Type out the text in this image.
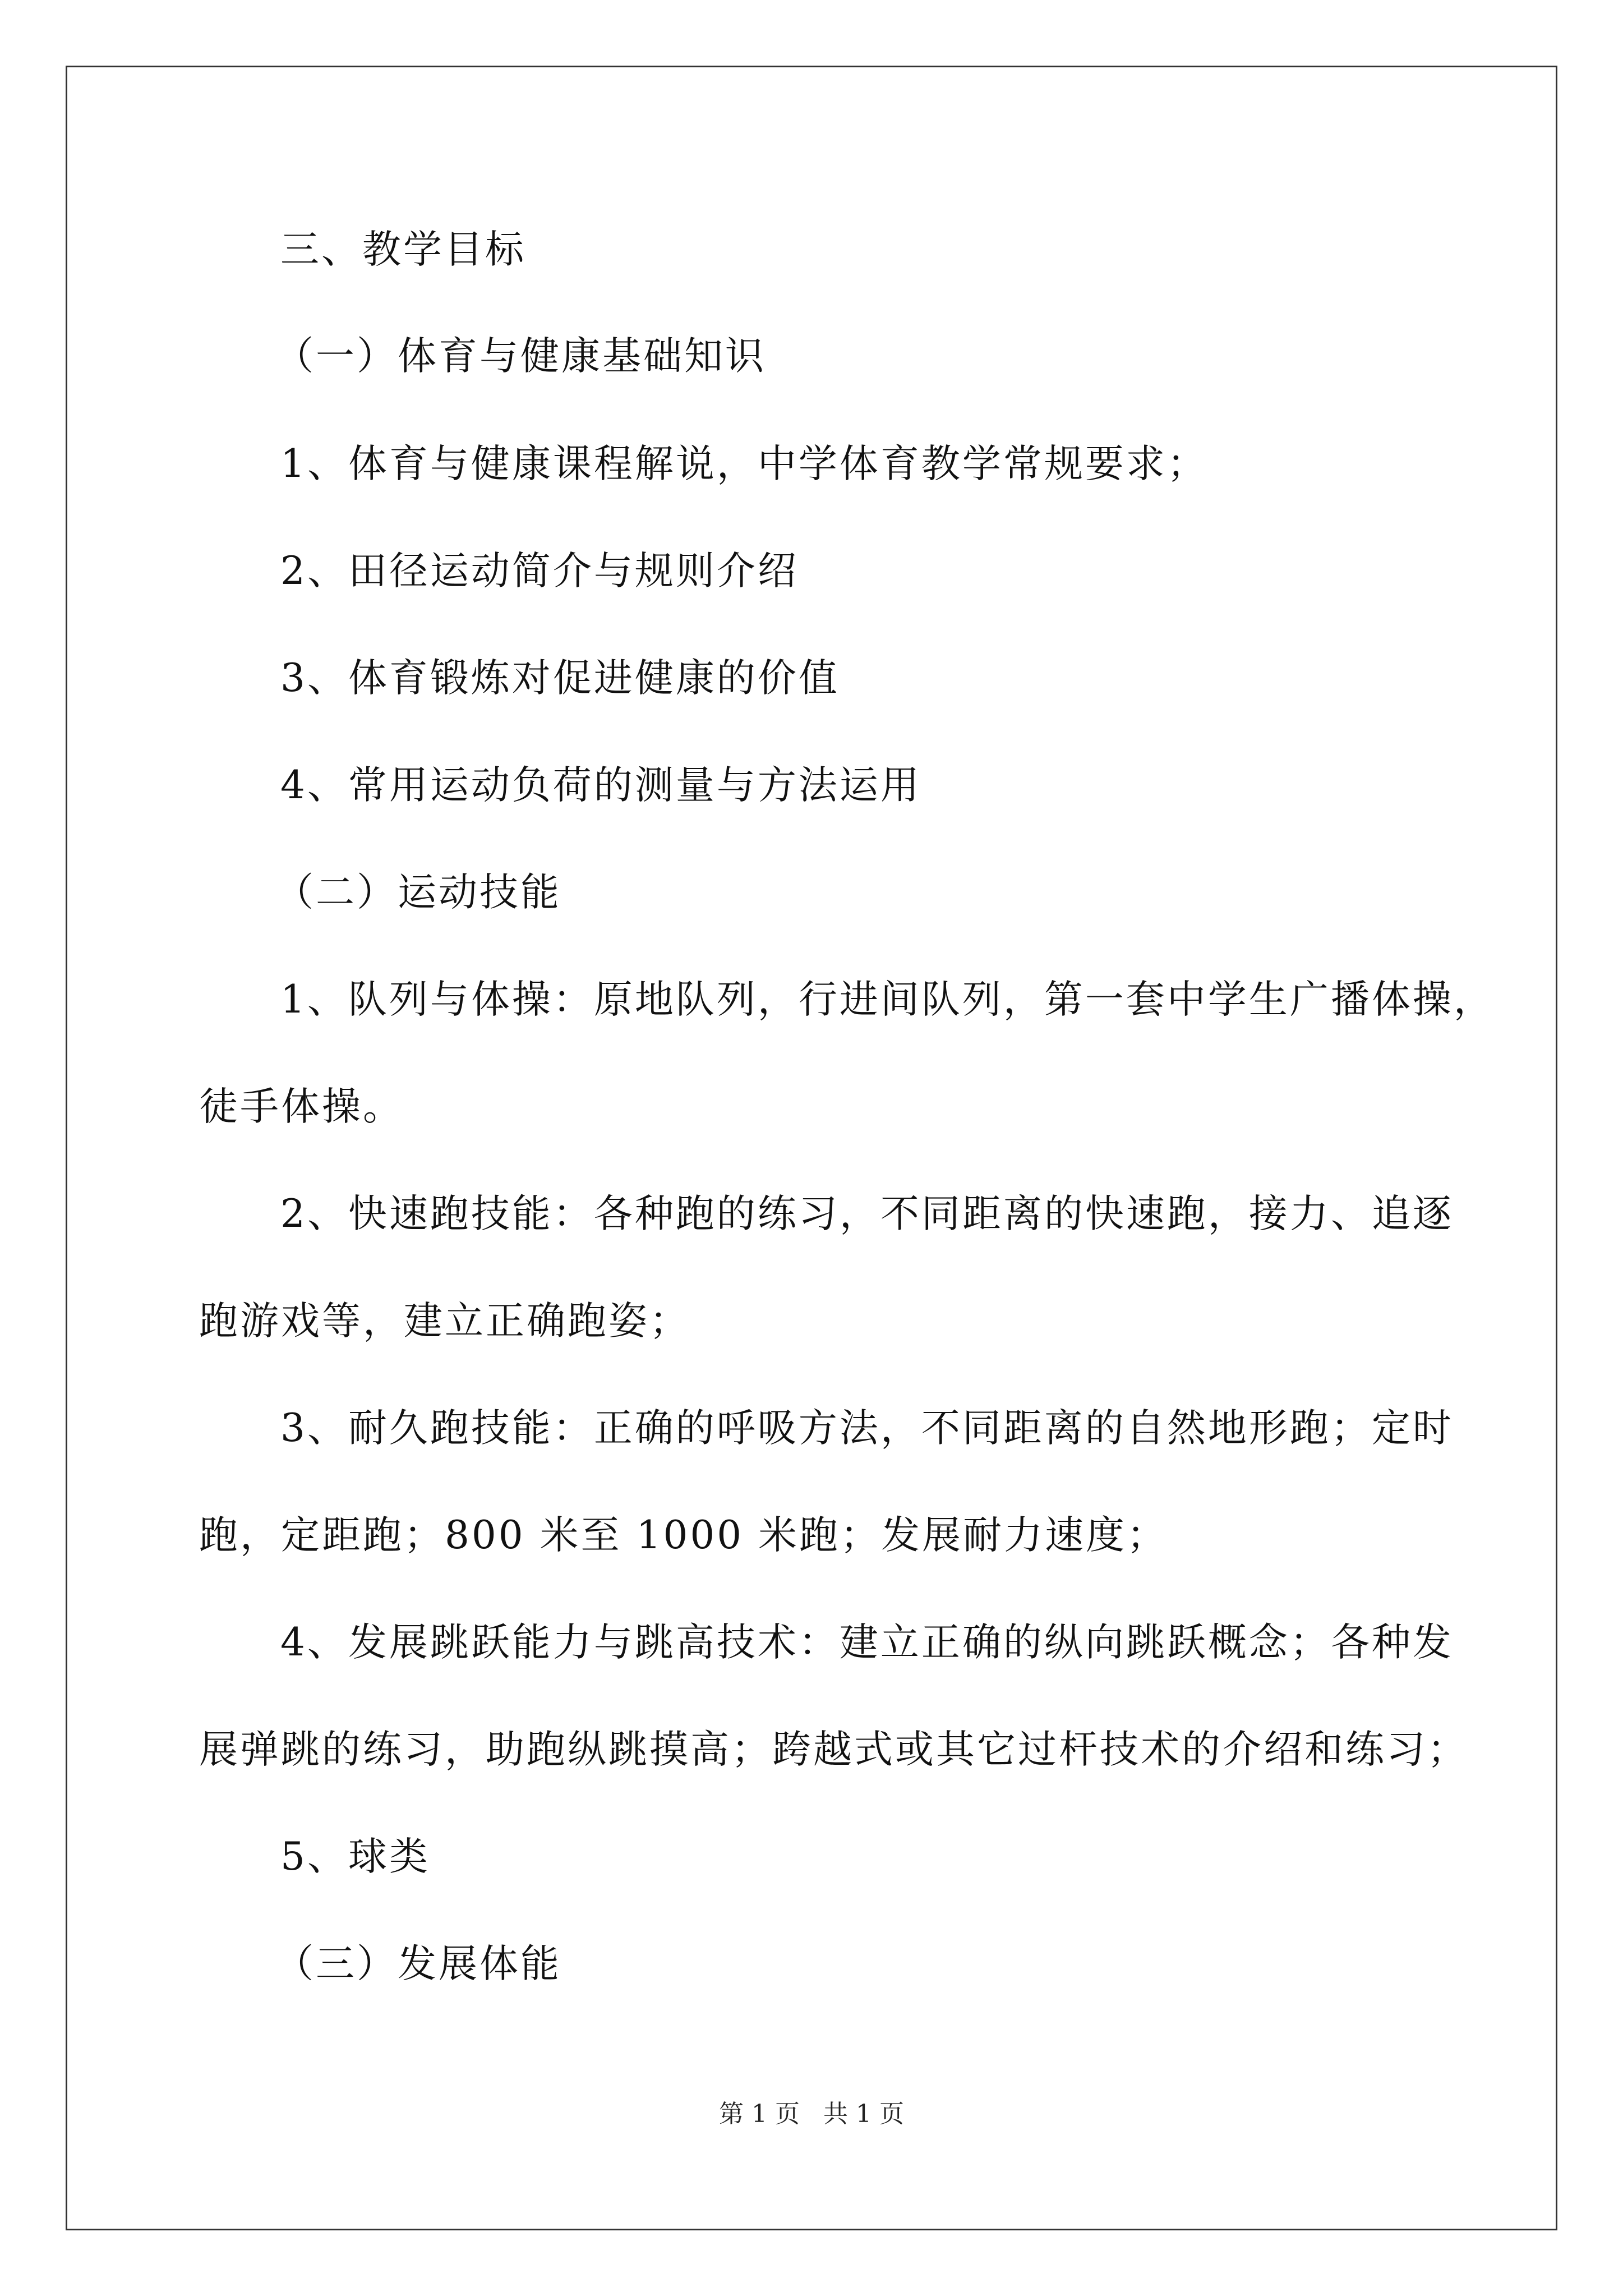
三、教学目标
（一）体育与健康基础知识
1、体育与健康课程解说，中学体育教学常规要求；
2、田径运动简介与规则介绍
3、体育锻炼对促进健康的价值
4、常用运动负荷的测量与方法运用
（二）运动技能
1、队列与体操：原地队列，行进间队列，第一套中学生广播体操，
徒手体操。
2、快速跑技能：各种跑的练习，不同距离的快速跑，接力、追逐
跑游戏等，建立正确跑姿；
3、耐久跑技能：正确的呼吸方法，不同距离的自然地形跑；定时
跑，定距跑；800 米至 1000 米跑；发展耐力速度；
4、发展跳跃能力与跳高技术：建立正确的纵向跳跃概念；各种发
展弹跳的练习，助跑纵跳摸高；跨越式或其它过杆技术的介绍和练习；
5、球类
（三）发展体能
第 1 页   共 1 页
